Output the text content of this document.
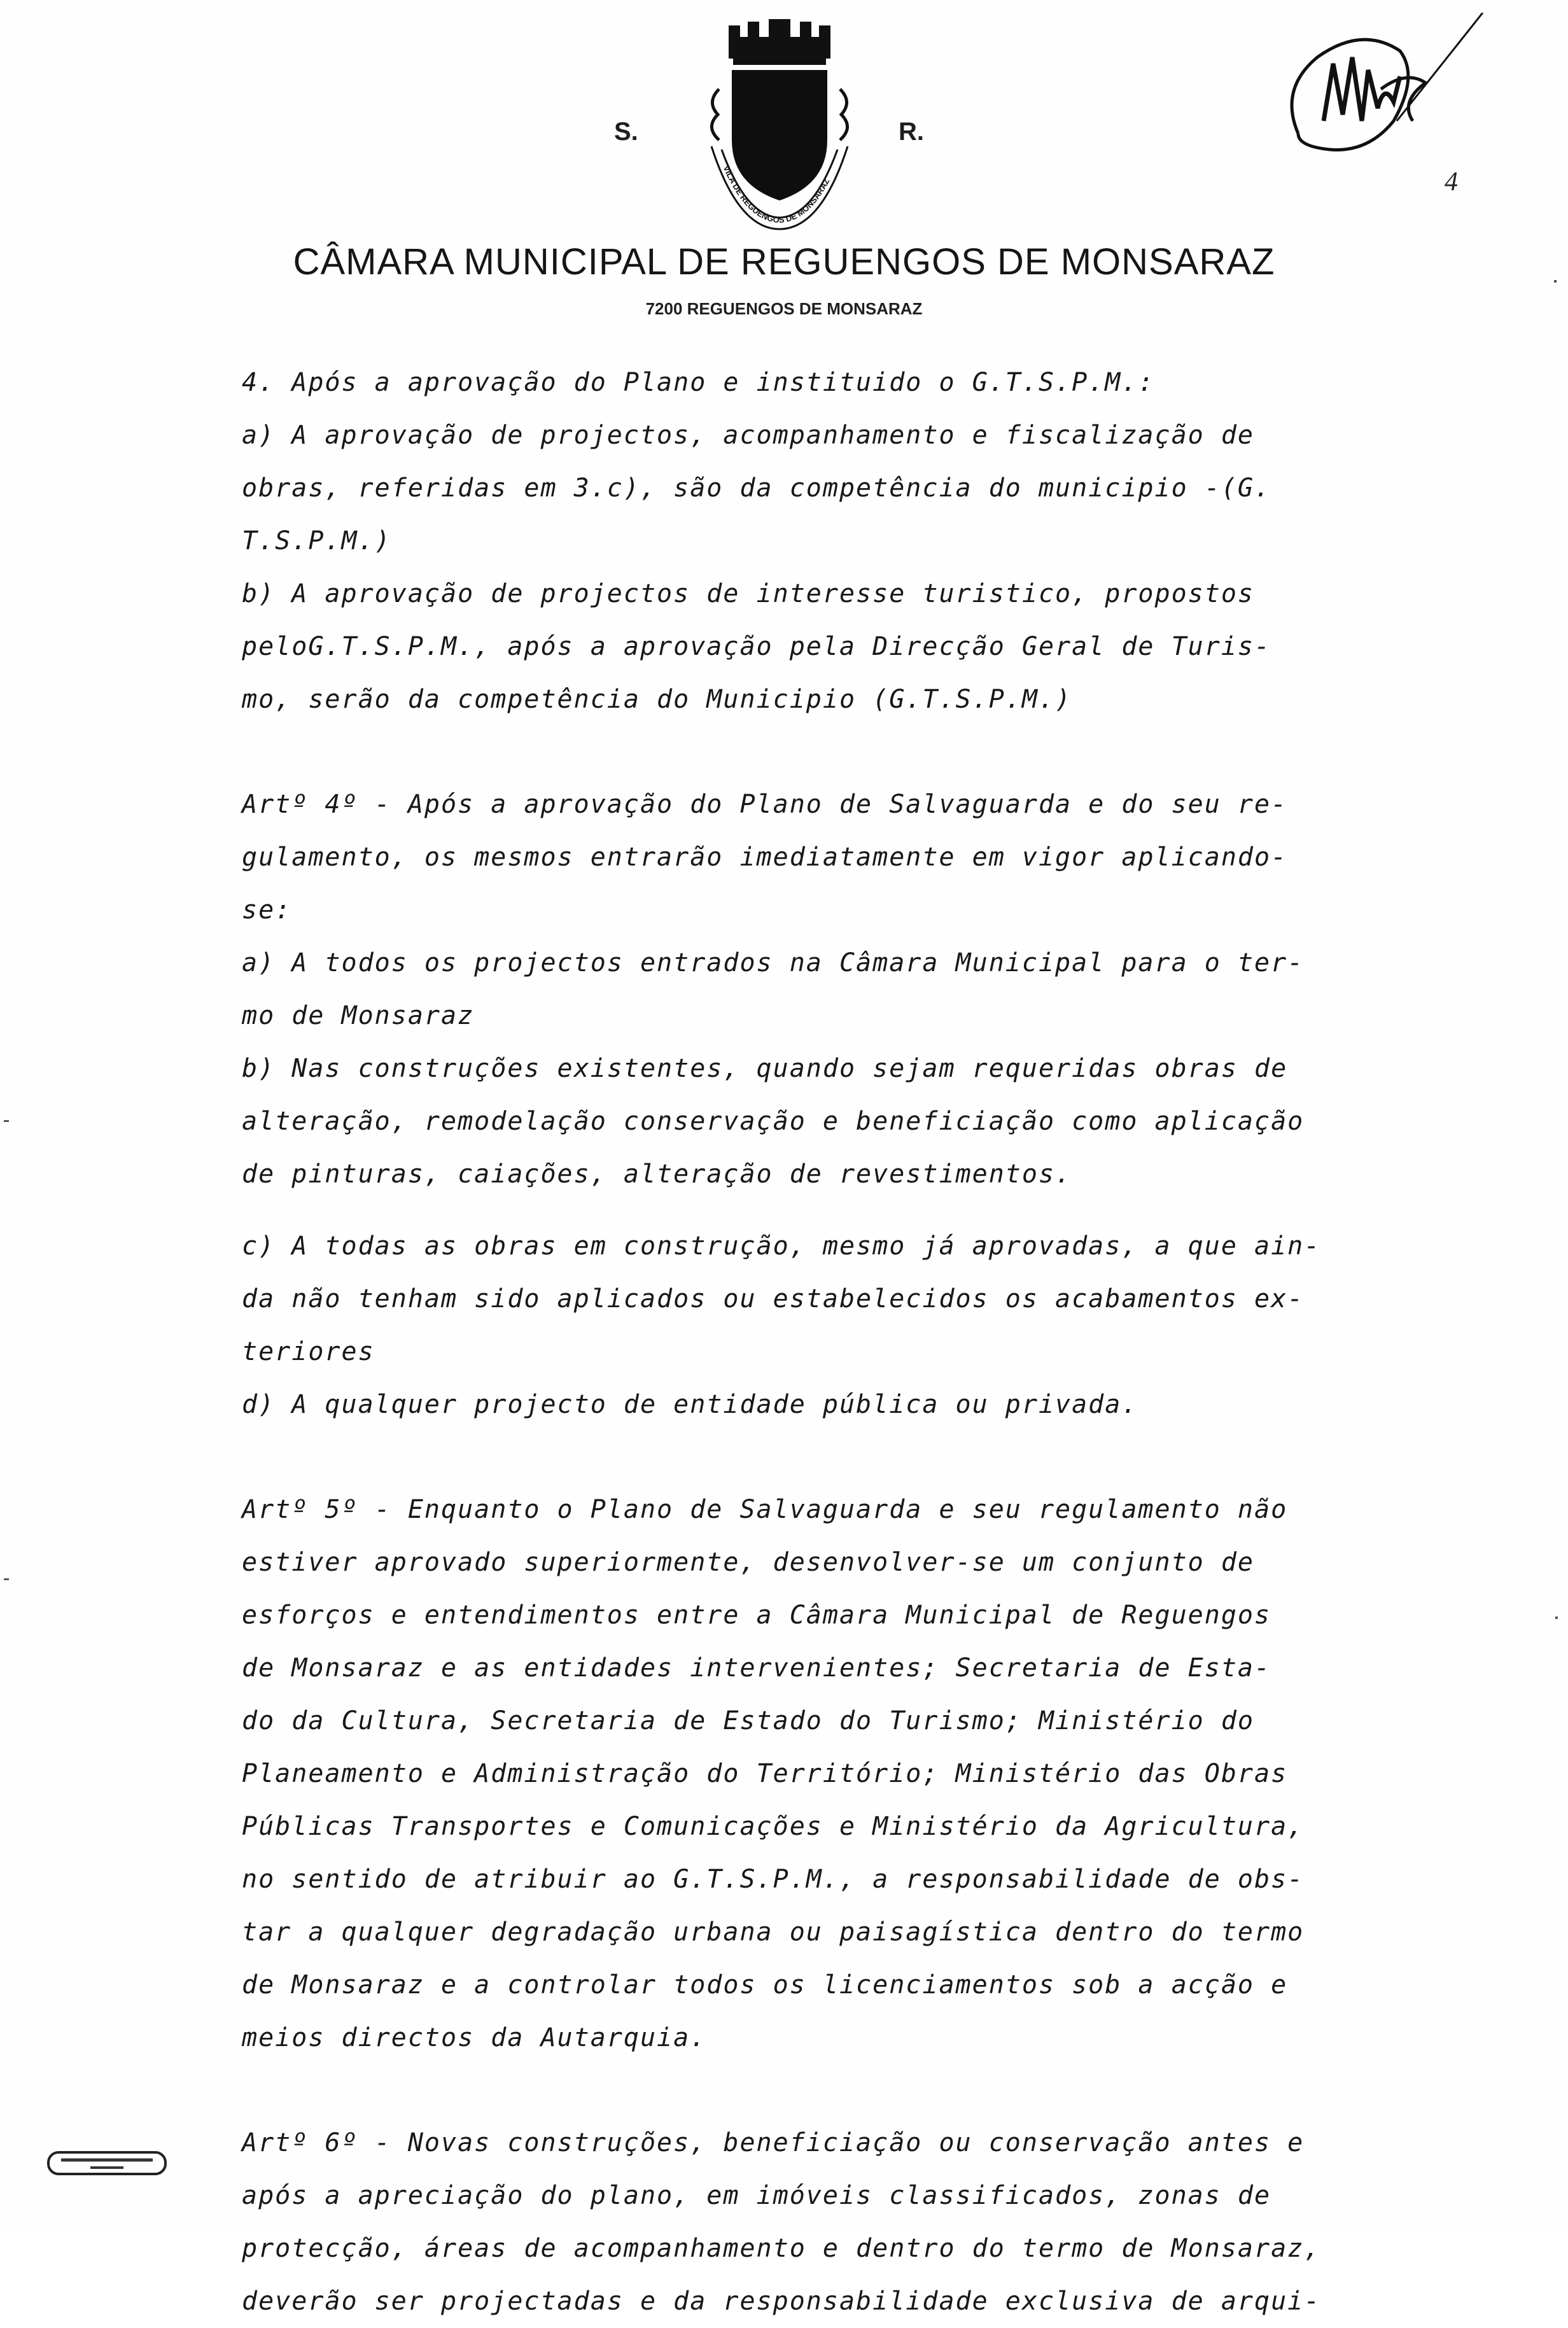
VILA DE REGUENGOS DE MONSARAZ
S.	R.
4
CÂMARA MUNICIPAL DE REGUENGOS DE MONSARAZ
7200 REGUENGOS DE MONSARAZ
4. Após a aprovação do Plano e instituido o G.T.S.P.M.:
a) A aprovação de projectos, acompanhamento e fiscalização de
obras, referidas em 3.c), são da competência do municipio -(G.
T.S.P.M.)
b) A aprovação de projectos de interesse turistico, propostos
peloG.T.S.P.M., após a aprovação pela Direcção Geral de Turis-
mo, serão da competência do Municipio (G.T.S.P.M.)
Artº 4º - Após a aprovação do Plano de Salvaguarda e do seu re-
gulamento, os mesmos entrarão imediatamente em vigor aplicando-
se:
a) A todos os projectos entrados na Câmara Municipal para o ter-
mo de Monsaraz
b) Nas construções existentes, quando sejam requeridas obras de
alteração, remodelação conservação e beneficiação como aplicação
de pinturas, caiações, alteração de revestimentos.
c) A todas as obras em construção, mesmo já aprovadas, a que ain-
da não tenham sido aplicados ou estabelecidos os acabamentos ex-
teriores
d) A qualquer projecto de entidade pública ou privada.
Artº 5º - Enquanto o Plano de Salvaguarda e seu regulamento não
estiver aprovado superiormente, desenvolver-se um conjunto de
esforços e entendimentos entre a Câmara Municipal de Reguengos
de Monsaraz e as entidades intervenientes; Secretaria de Esta-
do da Cultura, Secretaria de Estado do Turismo; Ministério do
Planeamento e Administração do Território; Ministério das Obras
Públicas Transportes e Comunicações e Ministério da Agricultura,
no sentido de atribuir ao G.T.S.P.M., a responsabilidade de obs-
tar a qualquer degradação urbana ou paisagística dentro do termo
de Monsaraz e a controlar todos os licenciamentos sob a acção e
meios directos da Autarquia.
Artº 6º - Novas construções, beneficiação ou conservação antes e
após a apreciação do plano, em imóveis classificados, zonas de
protecção, áreas de acompanhamento e dentro do termo de Monsaraz,
deverão ser projectadas e da responsabilidade exclusiva de arqui-
